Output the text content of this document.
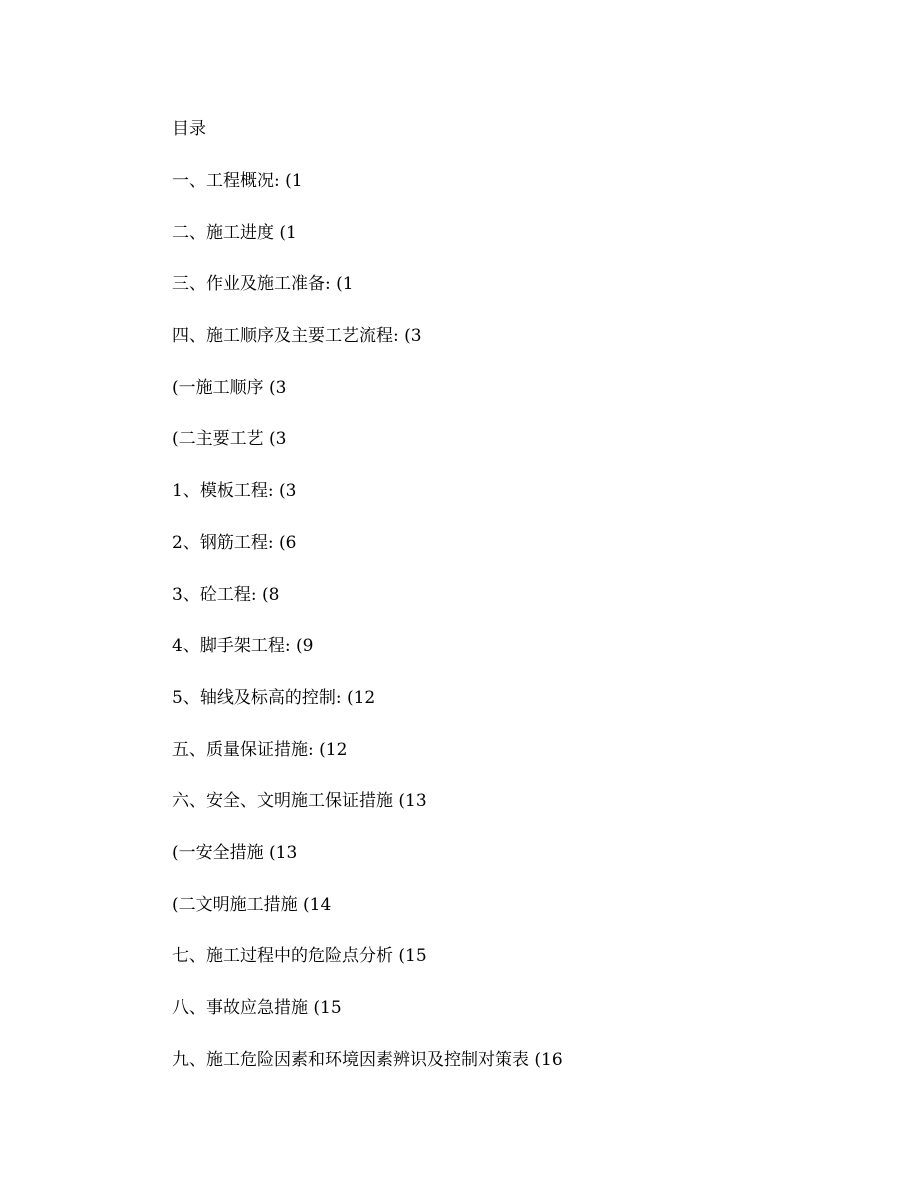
目录
一、工程概况: (1
二、施工进度 (1
三、作业及施工准备: (1
四、施工顺序及主要工艺流程: (3
(一施工顺序 (3
(二主要工艺 (3
1、模板工程: (3
2、钢筋工程: (6
3、砼工程: (8
4、脚手架工程: (9
5、轴线及标高的控制: (12
五、质量保证措施: (12
六、安全、文明施工保证措施 (13
(一安全措施 (13
(二文明施工措施 (14
七、施工过程中的危险点分析 (15
八、事故应急措施 (15
九、施工危险因素和环境因素辨识及控制对策表 (16
